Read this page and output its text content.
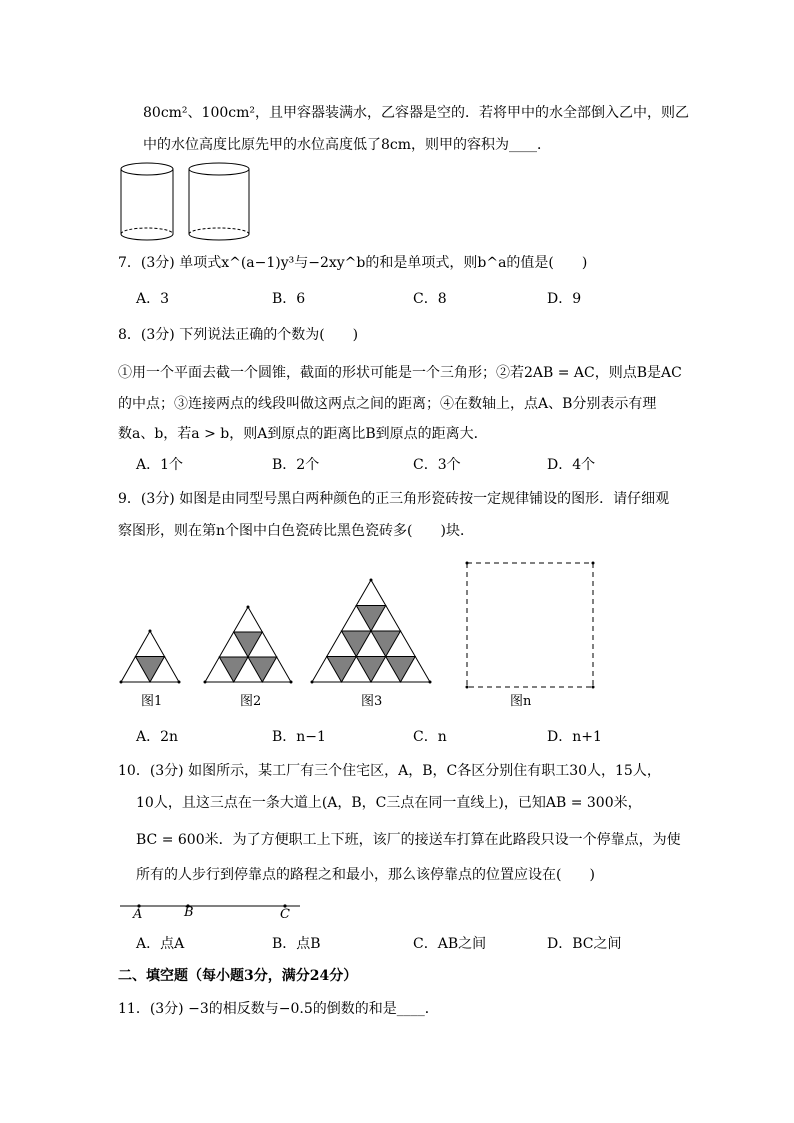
80cm²、100cm²，且甲容器装满水，乙容器是空的．若将甲中的水全部倒入乙中，则乙
中的水位高度比原先甲的水位高度低了8cm，则甲的容积为____．
7．(3分) 单项式x^(a−1)y³与−2xy^b的和是单项式，则b^a的值是(　　)
A．3	B．6	C．8	D．9
8．(3分) 下列说法正确的个数为(　　)
①用一个平面去截一个圆锥，截面的形状可能是一个三角形；②若2AB = AC，则点B是AC
的中点；③连接两点的线段叫做这两点之间的距离；④在数轴上，点A、B分别表示有理
数a、b，若a > b，则A到原点的距离比B到原点的距离大．
A．1个	B．2个	C．3个	D．4个
9．(3分) 如图是由同型号黑白两种颜色的正三角形瓷砖按一定规律铺设的图形．请仔细观
察图形，则在第n个图中白色瓷砖比黑色瓷砖多(　　)块．
图1	图2	图3	图n
A．2n	B．n−1	C．n	D．n+1
10．(3分) 如图所示，某工厂有三个住宅区，A，B，C各区分别住有职工30人，15人，
10人，且这三点在一条大道上(A，B，C三点在同一直线上)，已知AB = 300米，
BC = 600米．为了方便职工上下班，该厂的接送车打算在此路段只设一个停靠点，为使
所有的人步行到停靠点的路程之和最小，那么该停靠点的位置应设在(　　)
A	B	C
A．点A	B．点B	C．AB之间	D．BC之间
二、填空题（每小题3分，满分24分）
11．(3分) −3的相反数与−0.5的倒数的和是____．
